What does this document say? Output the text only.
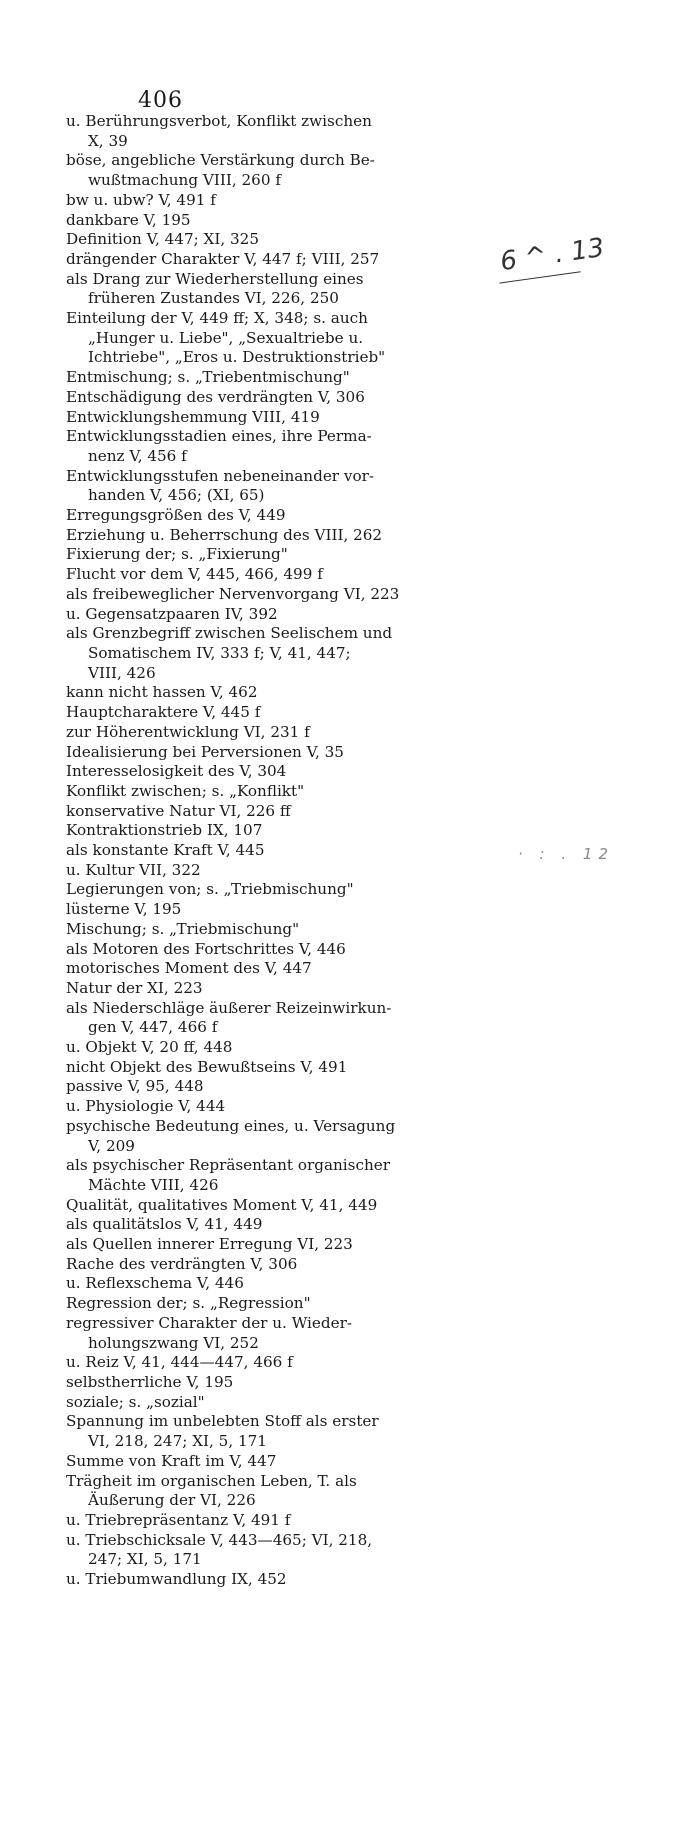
406
u. Berührungsverbot, Konflikt zwischen
X, 39
böse, angebliche Verstärkung durch Be-
wußtmachung VIII, 260 f
bw u. ubw? V, 491 f
dankbare V, 195
Definition V, 447; XI, 325
drängender Charakter V, 447 f; VIII, 257
als Drang zur Wiederherstellung eines
früheren Zustandes VI, 226, 250
Einteilung der V, 449 ff; X, 348; s. auch
„Hunger u. Liebe", „Sexualtriebe u.
Ichtriebe", „Eros u. Destruktionstrieb"
Entmischung; s. „Triebentmischung"
Entschädigung des verdrängten V, 306
Entwicklungshemmung VIII, 419
Entwicklungsstadien eines, ihre Perma-
nenz V, 456 f
Entwicklungsstufen nebeneinander vor-
handen V, 456; (XI, 65)
Erregungsgrößen des V, 449
Erziehung u. Beherrschung des VIII, 262
Fixierung der; s. „Fixierung"
Flucht vor dem V, 445, 466, 499 f
als freibeweglicher Nervenvorgang VI, 223
u. Gegensatzpaaren IV, 392
als Grenzbegriff zwischen Seelischem und
Somatischem IV, 333 f; V, 41, 447;
VIII, 426
kann nicht hassen V, 462
Hauptcharaktere V, 445 f
zur Höherentwicklung VI, 231 f
Idealisierung bei Perversionen V, 35
Interesselosigkeit des V, 304
Konflikt zwischen; s. „Konflikt"
konservative Natur VI, 226 ff
Kontraktionstrieb IX, 107
als konstante Kraft V, 445
u. Kultur VII, 322
Legierungen von; s. „Triebmischung"
lüsterne V, 195
Mischung; s. „Triebmischung"
als Motoren des Fortschrittes V, 446
motorisches Moment des V, 447
Natur der XI, 223
als Niederschläge äußerer Reizeinwirkun-
gen V, 447, 466 f
u. Objekt V, 20 ff, 448
nicht Objekt des Bewußtseins V, 491
passive V, 95, 448
u. Physiologie V, 444
psychische Bedeutung eines, u. Versagung
V, 209
als psychischer Repräsentant organischer
Mächte VIII, 426
Qualität, qualitatives Moment V, 41, 449
als qualitätslos V, 41, 449
als Quellen innerer Erregung VI, 223
Rache des verdrängten V, 306
u. Reflexschema V, 446
Regression der; s. „Regression"
regressiver Charakter der u. Wieder-
holungszwang VI, 252
u. Reiz V, 41, 444—447, 466 f
selbstherrliche V, 195
soziale; s. „sozial"
Spannung im unbelebten Stoff als erster
VI, 218, 247; XI, 5, 171
Summe von Kraft im V, 447
Trägheit im organischen Leben, T. als
Äußerung der VI, 226
u. Triebrepräsentanz V, 491 f
u. Triebschicksale V, 443—465; VI, 218,
247; XI, 5, 171
u. Triebumwandlung IX, 452
6 ^ . 13
· : . 12
